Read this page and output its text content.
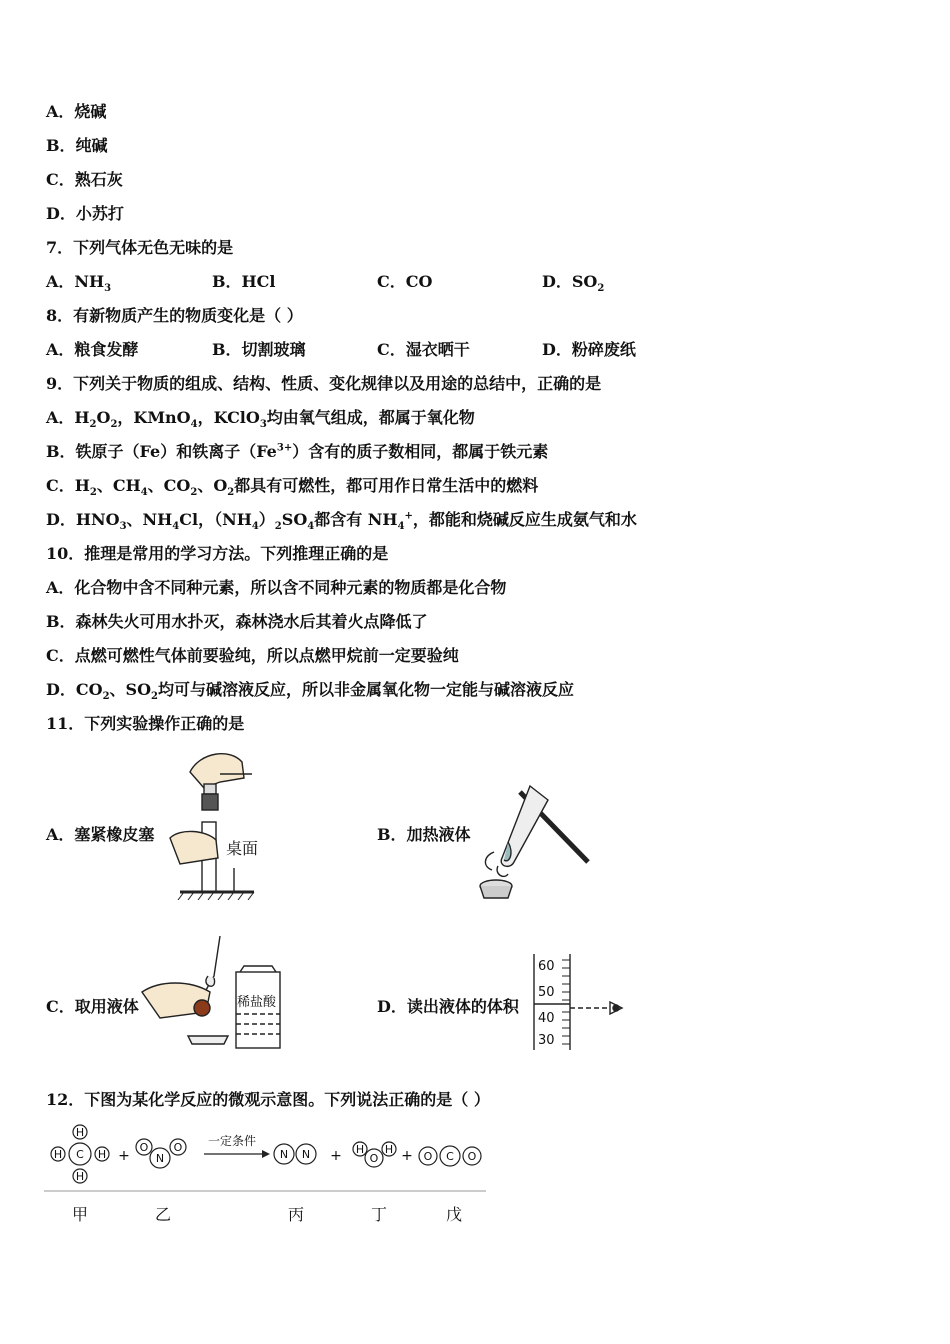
A．烧碱
B．纯碱
C．熟石灰
D．小苏打
7．下列气体无色无味的是
A．$NH_3$	B．HCl	C．CO	D．$SO_2$
8．有新物质产生的物质变化是（ ）
A．粮食发酵	B．切割玻璃	C．湿衣晒干	D．粉碎废纸
9．下列关于物质的组成、结构、性质、变化规律以及用途的总结中，正确的是
A．$H_2O_2$，KMnO$_4$，KClO$_3$均由氧气组成，都属于氧化物
B．铁原子（Fe）和铁离子$(Fe^{3+})$含有的质子数相同，都属于铁元素
C．$H_2$、$CH_4$、$CO_2$、$O_2$都具有可燃性，都可用作日常生活中的燃料
D．$HNO_3$、$NH_4Cl$，$(NH_4)_2SO_4$都含有 $NH_4^+$，都能和烧碱反应生成氨气和水
10．推理是常用的学习方法。下列推理正确的是
A．化合物中含不同种元素，所以含不同种元素的物质都是化合物
B．森林失火可用水扑灭，森林浇水后其着火点降低了
C．点燃可燃性气体前要验纯，所以点燃甲烷前一定要验纯
D．$CO_2$、$SO_2$均可与碱溶液反应，所以非金属氧化物一定能与碱溶液反应
11．下列实验操作正确的是
A．塞紧橡皮塞
桌面
B．加热液体
C．取用液体	稀盐酸	D．读出液体的体积
60
50
40
30
12．下图为某化学反应的微观示意图。下列说法正确的是（ ）
C
H
H
H	H	N
O O
N N	O
H H
C
O	O
+	+	+
一定条件
甲	乙	丙	丁	戊
